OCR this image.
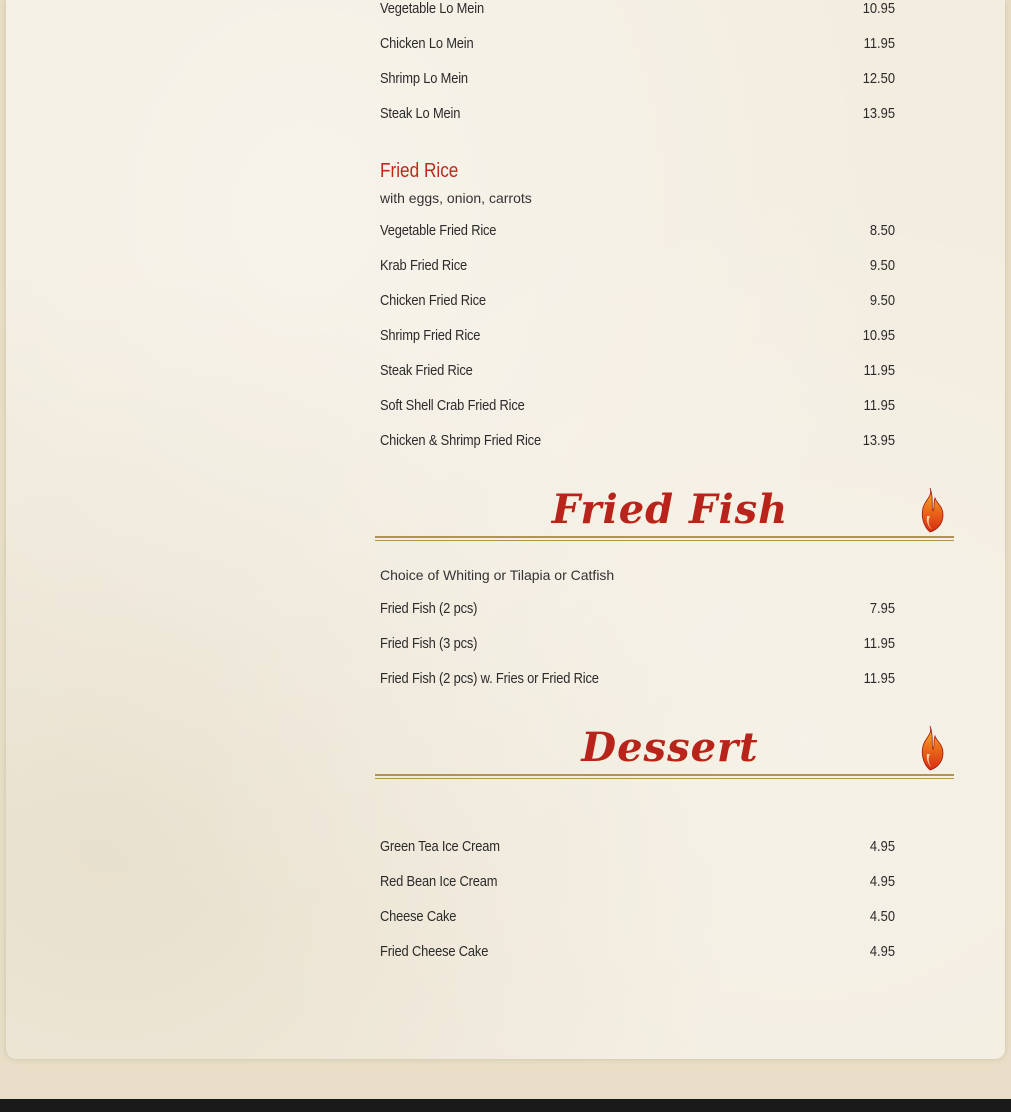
Vegetable Lo Mein	10.95
Chicken Lo Mein	11.95
Shrimp Lo Mein	12.50
Steak Lo Mein	13.95
Fried Rice
with eggs, onion, carrots
Vegetable Fried Rice	8.50
Krab Fried Rice	9.50
Chicken Fried Rice	9.50
Shrimp Fried Rice	10.95
Steak Fried Rice	11.95
Soft Shell Crab Fried Rice	11.95
Chicken & Shrimp Fried Rice	13.95
Fried Fish
Choice of Whiting or Tilapia or Catfish
Fried Fish (2 pcs)	7.95
Fried Fish (3 pcs)	11.95
Fried Fish (2 pcs) w. Fries or Fried Rice	11.95
Dessert
Green Tea Ice Cream	4.95
Red Bean Ice Cream	4.95
Cheese Cake	4.50
Fried Cheese Cake	4.95
